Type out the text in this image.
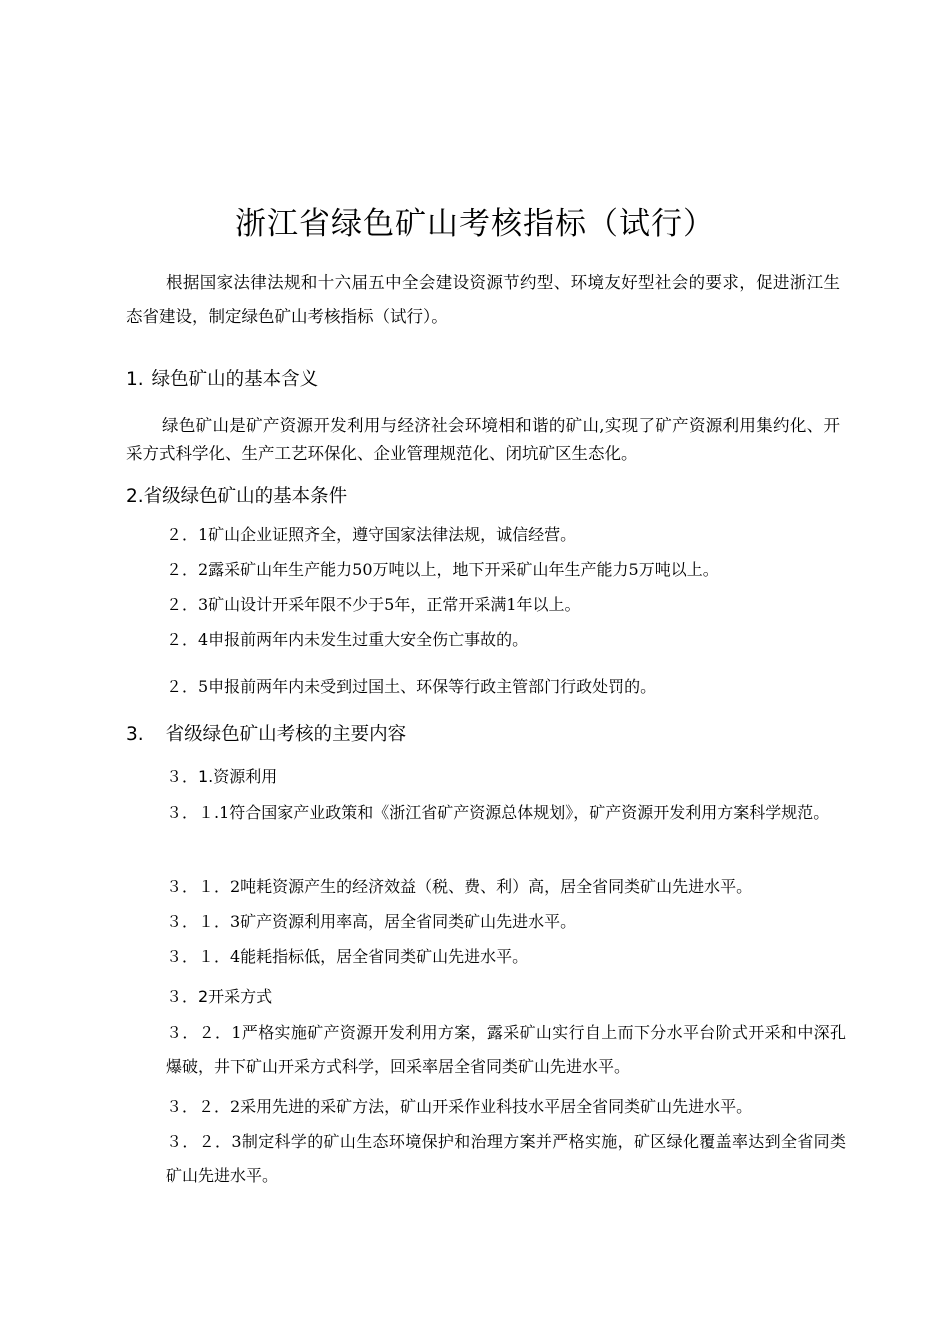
浙江省绿色矿山考核指标（试行）
根据国家法律法规和十六届五中全会建设资源节约型、环境友好型社会的要求，促进浙江生态省建设，制定绿色矿山考核指标（试行）。
1. 绿色矿山的基本含义
绿色矿山是矿产资源开发利用与经济社会环境相和谐的矿山,实现了矿产资源利用集约化、开采方式科学化、生产工艺环保化、企业管理规范化、闭坑矿区生态化。
2.省级绿色矿山的基本条件
２．1矿山企业证照齐全，遵守国家法律法规，诚信经营。
２．2露采矿山年生产能力50万吨以上，地下开采矿山年生产能力5万吨以上。
２．3矿山设计开采年限不少于5年，正常开采满1年以上。
２．4申报前两年内未发生过重大安全伤亡事故的。
２．5申报前两年内未受到过国土、环保等行政主管部门行政处罚的。
3. 省级绿色矿山考核的主要内容
３．1.资源利用
３．１.1符合国家产业政策和《浙江省矿产资源总体规划》，矿产资源开发利用方案科学规范。
３．１．2吨耗资源产生的经济效益（税、费、利）高，居全省同类矿山先进水平。
３．１．3矿产资源利用率高，居全省同类矿山先进水平。
３．１．4能耗指标低，居全省同类矿山先进水平。
３．2开采方式
３．２．1严格实施矿产资源开发利用方案，露采矿山实行自上而下分水平台阶式开采和中深孔爆破，井下矿山开采方式科学，回采率居全省同类矿山先进水平。
３．２．2采用先进的采矿方法，矿山开采作业科技水平居全省同类矿山先进水平。
３．２．3制定科学的矿山生态环境保护和治理方案并严格实施，矿区绿化覆盖率达到全省同类矿山先进水平。
